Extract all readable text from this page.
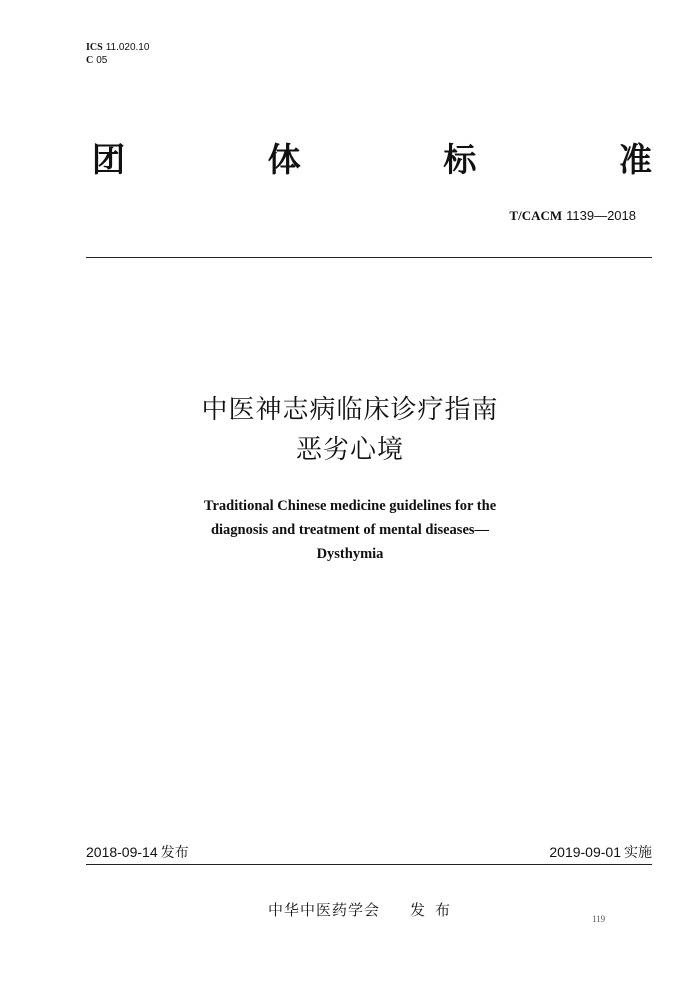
ICS 11.020.10
C 05
团	体	标	准
T/CACM 1139—2018
中医神志病临床诊疗指南
恶劣心境
Traditional Chinese medicine guidelines for the
diagnosis and treatment of mental diseases—
Dysthymia
2018-09-14 发布	2019-09-01 实施
中华中医药学会 发布	119
